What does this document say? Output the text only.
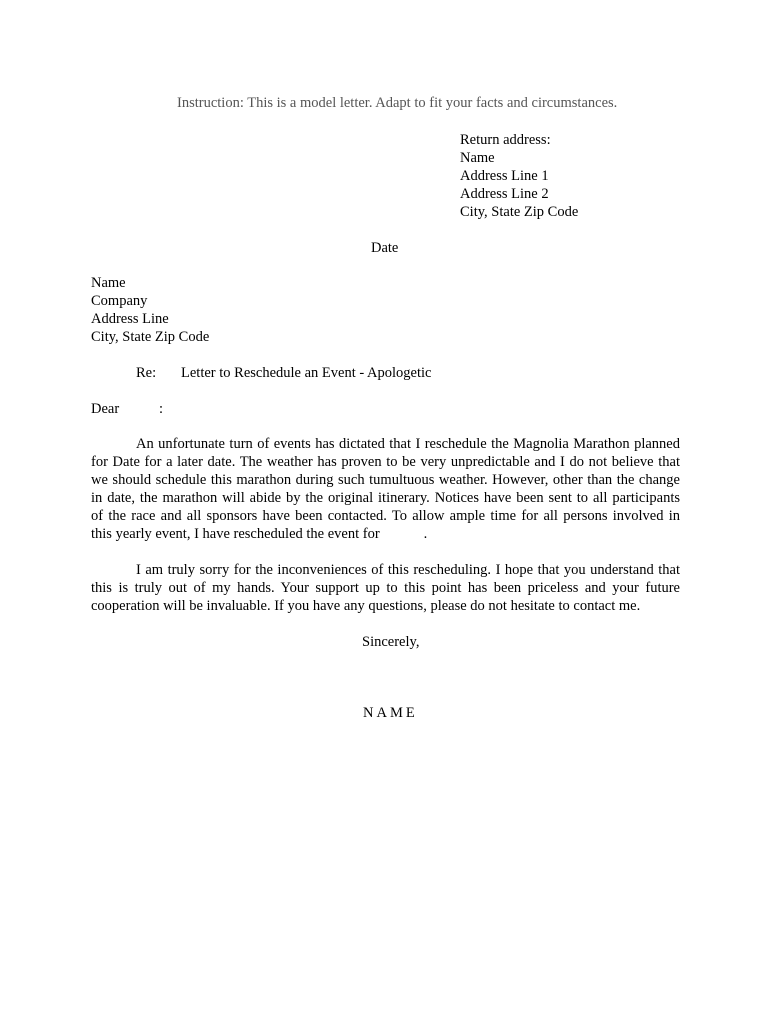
Instruction: This is a model letter. Adapt to fit your facts and circumstances.
Return address:
Name
Address Line 1
Address Line 2
City, State Zip Code
Date
Name
Company
Address Line
City, State Zip Code
Re: Letter to Reschedule an Event - Apologetic
Dear	:
An unfortunate turn of events has dictated that I reschedule the Magnolia Marathon planned
for Date for a later date. The weather has proven to be very unpredictable and I do not believe that
we should schedule this marathon during such tumultuous weather. However, other than the change
in date, the marathon will abide by the original itinerary. Notices have been sent to all participants
of the race and all sponsors have been contacted. To allow ample time for all persons involved in
this yearly event, I have rescheduled the event for	.
I am truly sorry for the inconveniences of this rescheduling. I hope that you understand that
this is truly out of my hands. Your support up to this point has been priceless and your future
cooperation will be invaluable. If you have any questions, please do not hesitate to contact me.
Sincerely,
NAME
